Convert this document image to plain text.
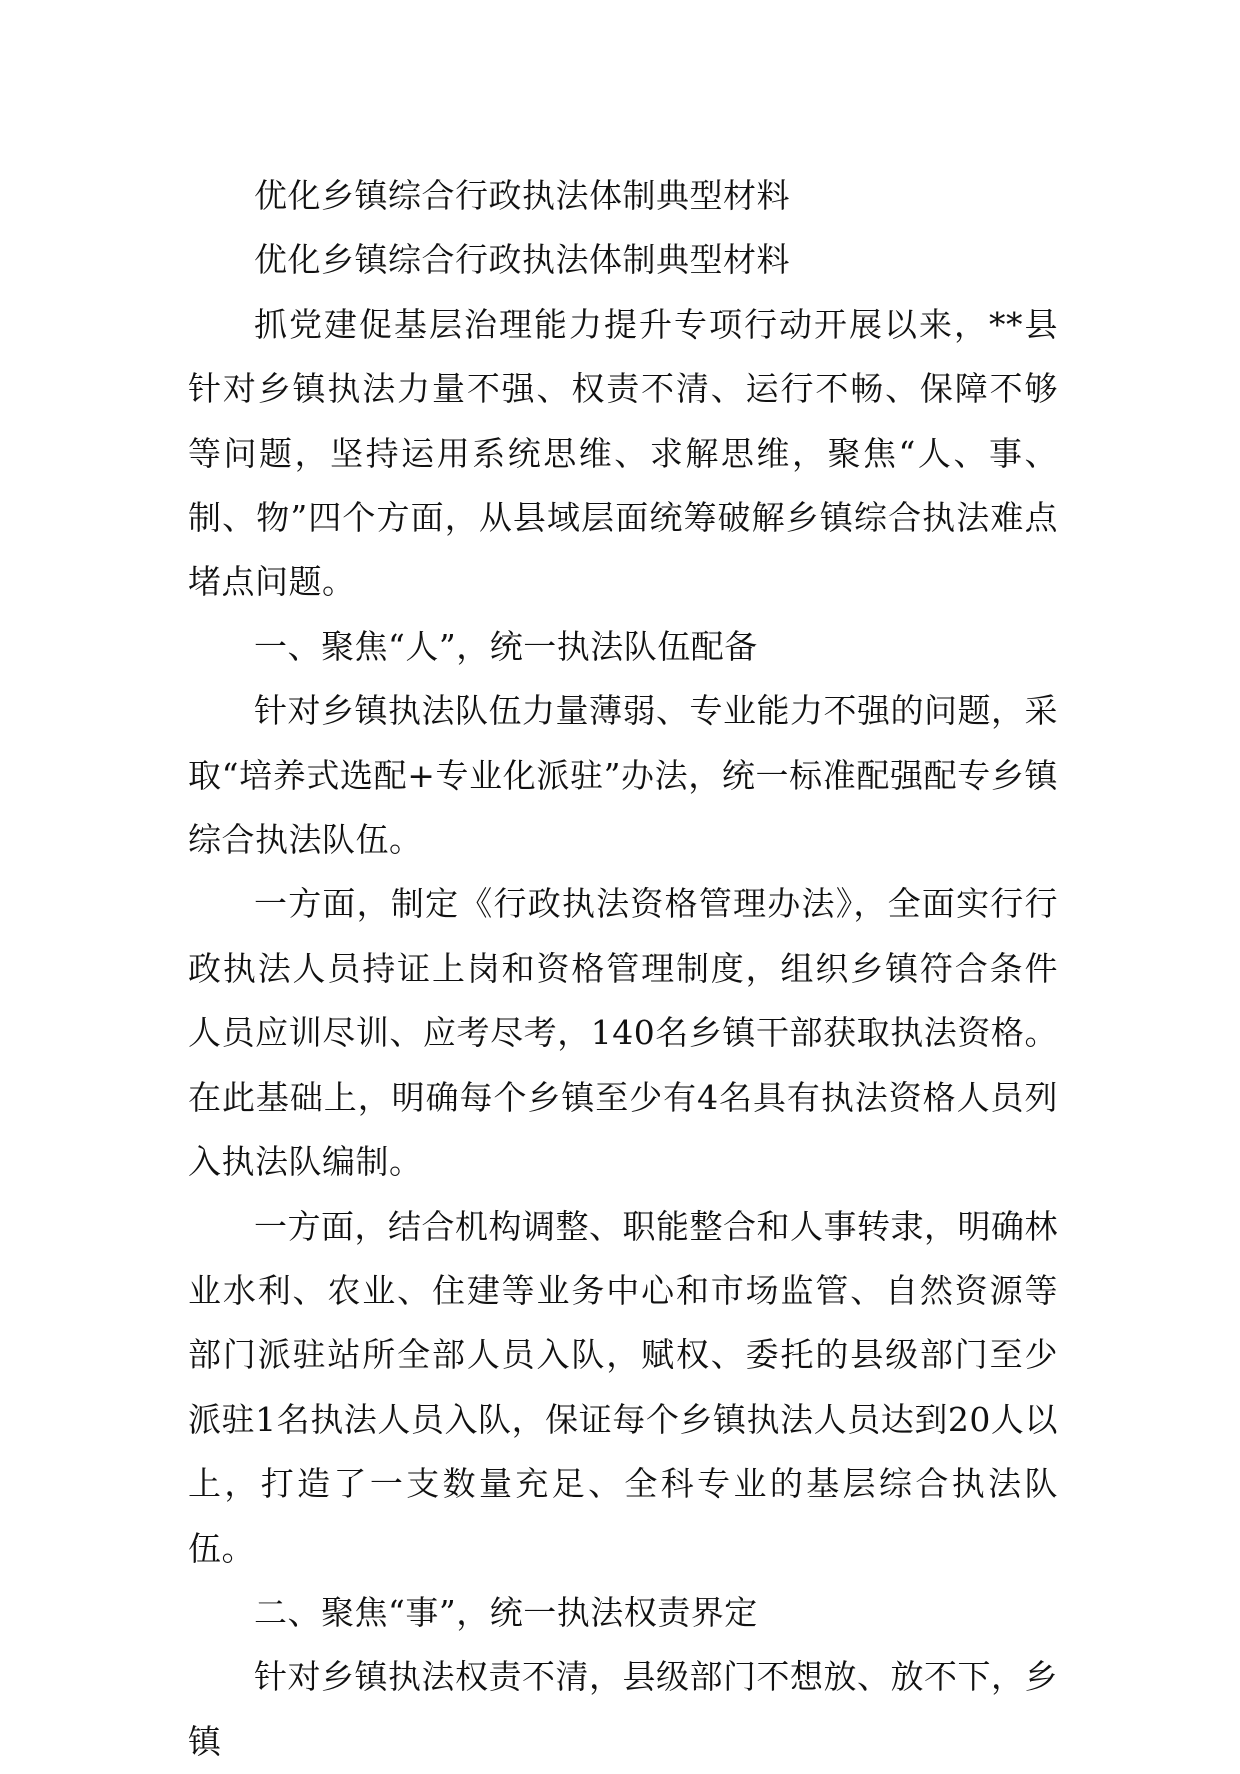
优化乡镇综合行政执法体制典型材料

优化乡镇综合行政执法体制典型材料

抓党建促基层治理能力提升专项行动开展以来，**县针对乡镇执法力量不强、权责不清、运行不畅、保障不够等问题，坚持运用系统思维、求解思维，聚焦“人、事、制、物”四个方面，从县域层面统筹破解乡镇综合执法难点堵点问题。

一、聚焦“人”，统一执法队伍配备

针对乡镇执法队伍力量薄弱、专业能力不强的问题，采取“培养式选配+专业化派驻”办法，统一标准配强配专乡镇综合执法队伍。

一方面，制定《行政执法资格管理办法》，全面实行行政执法人员持证上岗和资格管理制度，组织乡镇符合条件人员应训尽训、应考尽考，140名乡镇干部获取执法资格。在此基础上，明确每个乡镇至少有4名具有执法资格人员列入执法队编制。

一方面，结合机构调整、职能整合和人事转隶，明确林业水利、农业、住建等业务中心和市场监管、自然资源等部门派驻站所全部人员入队，赋权、委托的县级部门至少派驻1名执法人员入队，保证每个乡镇执法人员达到20人以上，打造了一支数量充足、全科专业的基层综合执法队伍。

二、聚焦“事”，统一执法权责界定

针对乡镇执法权责不清，县级部门不想放、放不下，乡镇
